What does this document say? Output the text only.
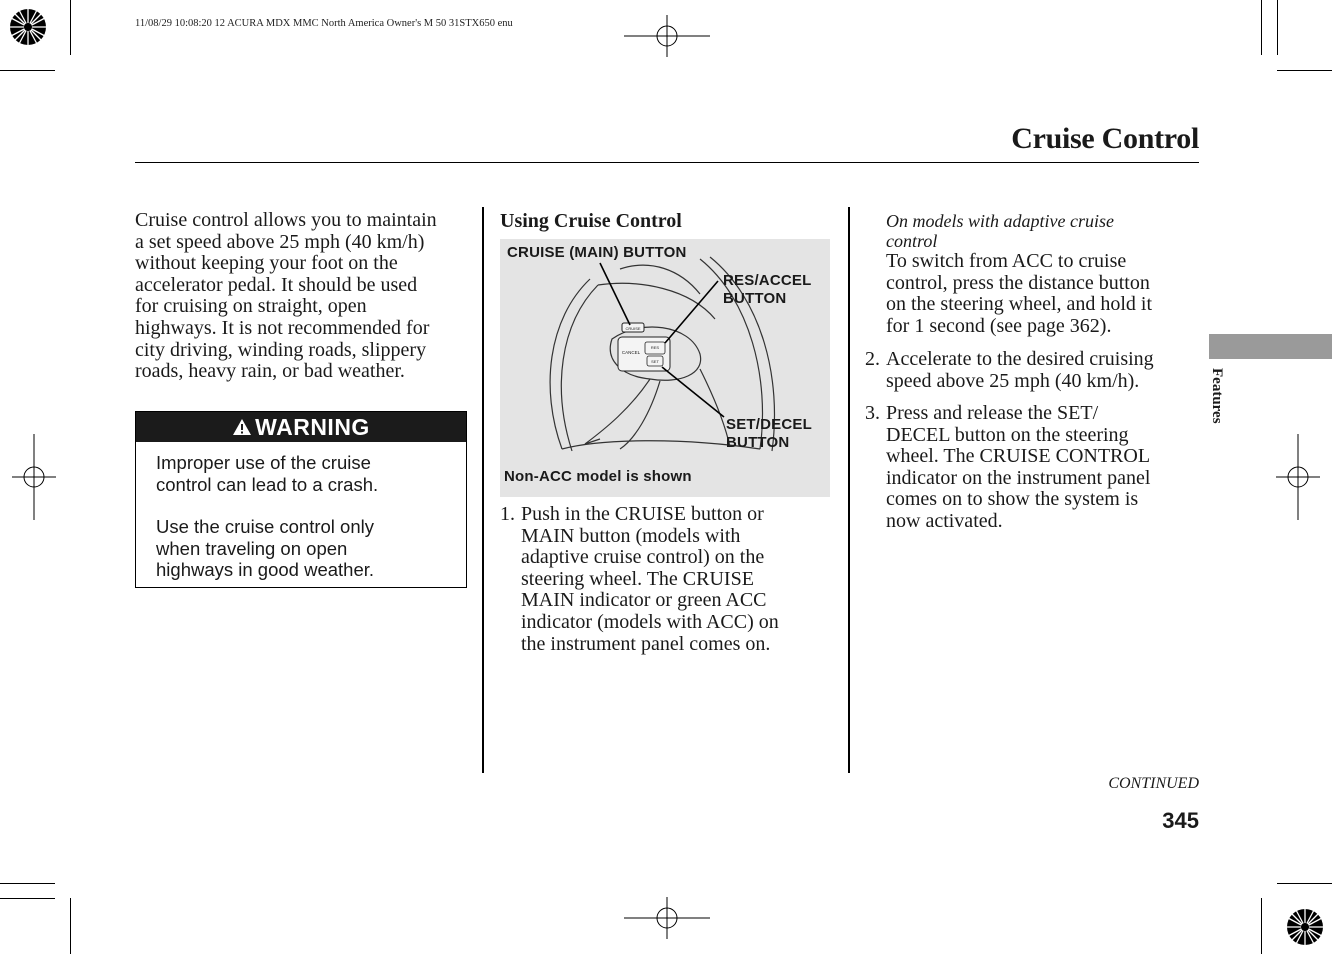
11/08/29 10:08:20 12 ACURA MDX MMC North America Owner's M 50 31STX650 enu
Cruise Control
Cruise control allows you to maintain
a set speed above 25 mph (40 km/h)
without keeping your foot on the
accelerator pedal. It should be used
for cruising on straight, open
highways. It is not recommended for
city driving, winding roads, slippery
roads, heavy rain, or bad weather.
WARNING
Improper use of the cruise
control can lead to a crash.
Use the cruise control only
when traveling on open
highways in good weather.
Using Cruise Control
CRUISE
CANCEL
RES
SET
CRUISE (MAIN) BUTTON
RES/ACCEL
BUTTON
SET/DECEL
BUTTON
Non-ACC model is shown
1. Push in the CRUISE button or
MAIN button (models with
adaptive cruise control) on the
steering wheel. The CRUISE
MAIN indicator or green ACC
indicator (models with ACC) on
the instrument panel comes on.
On models with adaptive cruise
control
To switch from ACC to cruise
control, press the distance button
on the steering wheel, and hold it
for 1 second (see page 362).
2. Accelerate to the desired cruising
speed above 25 mph (40 km/h).
3. Press and release the SET/
DECEL button on the steering
wheel. The CRUISE CONTROL
indicator on the instrument panel
comes on to show the system is
now activated.
Features
CONTINUED
345
